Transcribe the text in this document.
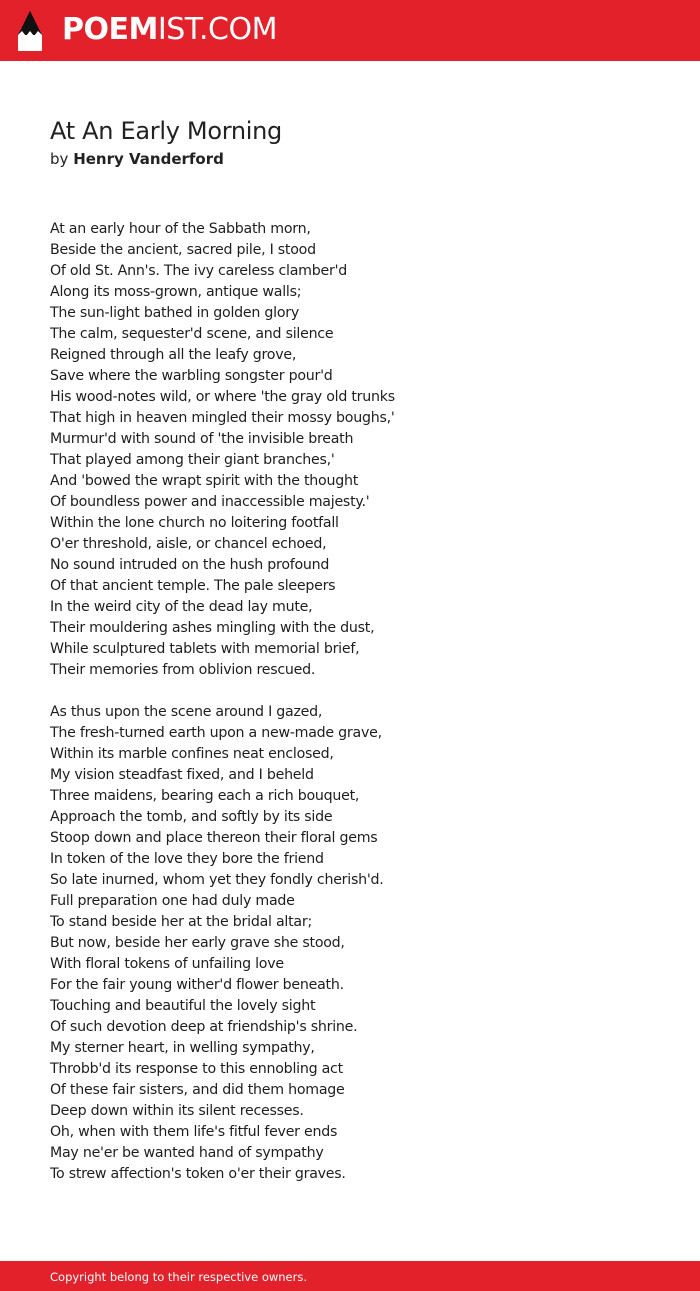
POEMIST.COM
At An Early Morning
by Henry Vanderford
At an early hour of the Sabbath morn,
Beside the ancient, sacred pile, I stood
Of old St. Ann's. The ivy careless clamber'd
Along its moss-grown, antique walls;
The sun-light bathed in golden glory
The calm, sequester'd scene, and silence
Reigned through all the leafy grove,
Save where the warbling songster pour'd
His wood-notes wild, or where 'the gray old trunks
That high in heaven mingled their mossy boughs,'
Murmur'd with sound of 'the invisible breath
That played among their giant branches,'
And 'bowed the wrapt spirit with the thought
Of boundless power and inaccessible majesty.'
Within the lone church no loitering footfall
O'er threshold, aisle, or chancel echoed,
No sound intruded on the hush profound
Of that ancient temple. The pale sleepers
In the weird city of the dead lay mute,
Their mouldering ashes mingling with the dust,
While sculptured tablets with memorial brief,
Their memories from oblivion rescued.
As thus upon the scene around I gazed,
The fresh-turned earth upon a new-made grave,
Within its marble confines neat enclosed,
My vision steadfast fixed, and I beheld
Three maidens, bearing each a rich bouquet,
Approach the tomb, and softly by its side
Stoop down and place thereon their floral gems
In token of the love they bore the friend
So late inurned, whom yet they fondly cherish'd.
Full preparation one had duly made
To stand beside her at the bridal altar;
But now, beside her early grave she stood,
With floral tokens of unfailing love
For the fair young wither'd flower beneath.
Touching and beautiful the lovely sight
Of such devotion deep at friendship's shrine.
My sterner heart, in welling sympathy,
Throbb'd its response to this ennobling act
Of these fair sisters, and did them homage
Deep down within its silent recesses.
Oh, when with them life's fitful fever ends
May ne'er be wanted hand of sympathy
To strew affection's token o'er their graves.
Copyright belong to their respective owners.
